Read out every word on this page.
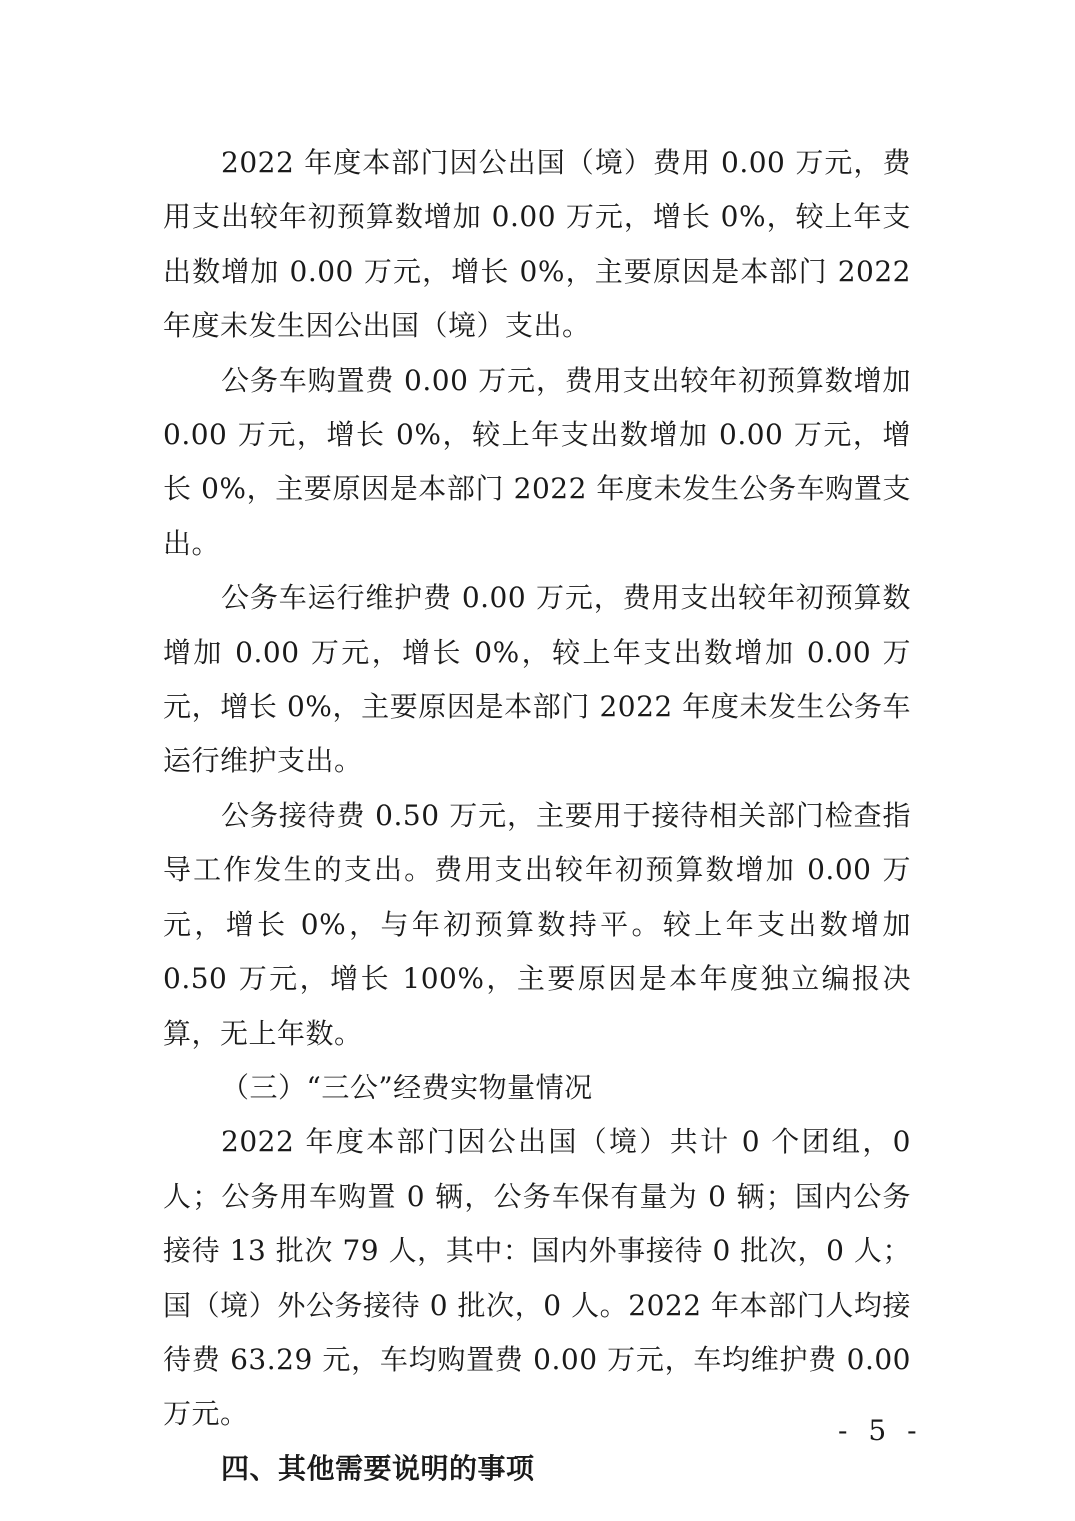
2022 年度本部门因公出国（境）费用 0.00 万元，费用支出较年初预算数增加 0.00 万元，增长 0%，较上年支出数增加 0.00 万元，增长 0%，主要原因是本部门 2022 年度未发生因公出国（境）支出。

公务车购置费 0.00 万元，费用支出较年初预算数增加 0.00 万元，增长 0%，较上年支出数增加 0.00 万元，增长 0%，主要原因是本部门 2022 年度未发生公务车购置支出。

公务车运行维护费 0.00 万元，费用支出较年初预算数增加 0.00 万元，增长 0%，较上年支出数增加 0.00 万元，增长 0%，主要原因是本部门 2022 年度未发生公务车运行维护支出。

公务接待费 0.50 万元，主要用于接待相关部门检查指导工作发生的支出。费用支出较年初预算数增加 0.00 万元，增长 0%，与年初预算数持平。较上年支出数增加 0.50 万元，增长 100%，主要原因是本年度独立编报决算，无上年数。

（三）“三公”经费实物量情况

2022 年度本部门因公出国（境）共计 0 个团组，0 人；公务用车购置 0 辆，公务车保有量为 0 辆；国内公务接待 13 批次 79 人，其中：国内外事接待 0 批次，0 人；国（境）外公务接待 0 批次，0 人。2022 年本部门人均接待费 63.29 元，车均购置费 0.00 万元，车均维护费 0.00 万元。

四、其他需要说明的事项

- 5 -
